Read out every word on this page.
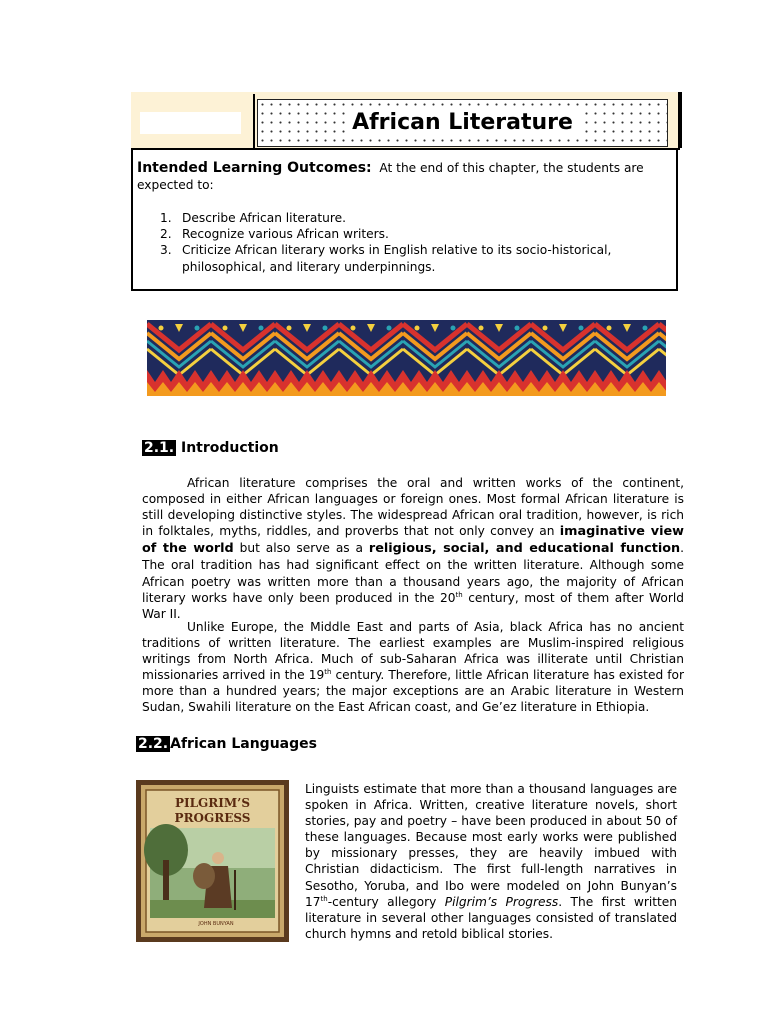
African Literature
Intended Learning Outcomes: At the end of this chapter, the students are expected to:
1. Describe African literature.
2. Recognize various African writers.
3. Criticize African literary works in English relative to its socio-historical, philosophical, and literary underpinnings.
2.1. Introduction

African literature comprises the oral and written works of the continent, composed in either African languages or foreign ones. Most formal African literature is still developing distinctive styles. The widespread African oral tradition, however, is rich in folktales, myths, riddles, and proverbs that not only convey an imaginative view of the world but also serve as a religious, social, and educational function. The oral tradition has had significant effect on the written literature. Although some African poetry was written more than a thousand years ago, the majority of African literary works have only been produced in the 20th century, most of them after World War II.

Unlike Europe, the Middle East and parts of Asia, black Africa has no ancient traditions of written literature. The earliest examples are Muslim-inspired religious writings from North Africa. Much of sub-Saharan Africa was illiterate until Christian missionaries arrived in the 19th century. Therefore, little African literature has existed for more than a hundred years; the major exceptions are an Arabic literature in Western Sudan, Swahili literature on the East African coast, and Ge’ez literature in Ethiopia.

2.2. African Languages
PILGRIM’S
PROGRESS
JOHN BUNYAN

Linguists estimate that more than a thousand languages are spoken in Africa. Written, creative literature novels, short stories, pay and poetry – have been produced in about 50 of these languages. Because most early works were published by missionary presses, they are heavily imbued with Christian didacticism. The first full-length narratives in Sesotho, Yoruba, and Ibo were modeled on John Bunyan’s 17th-century allegory Pilgrim’s Progress. The first written literature in several other languages consisted of translated church hymns and retold biblical stories.
